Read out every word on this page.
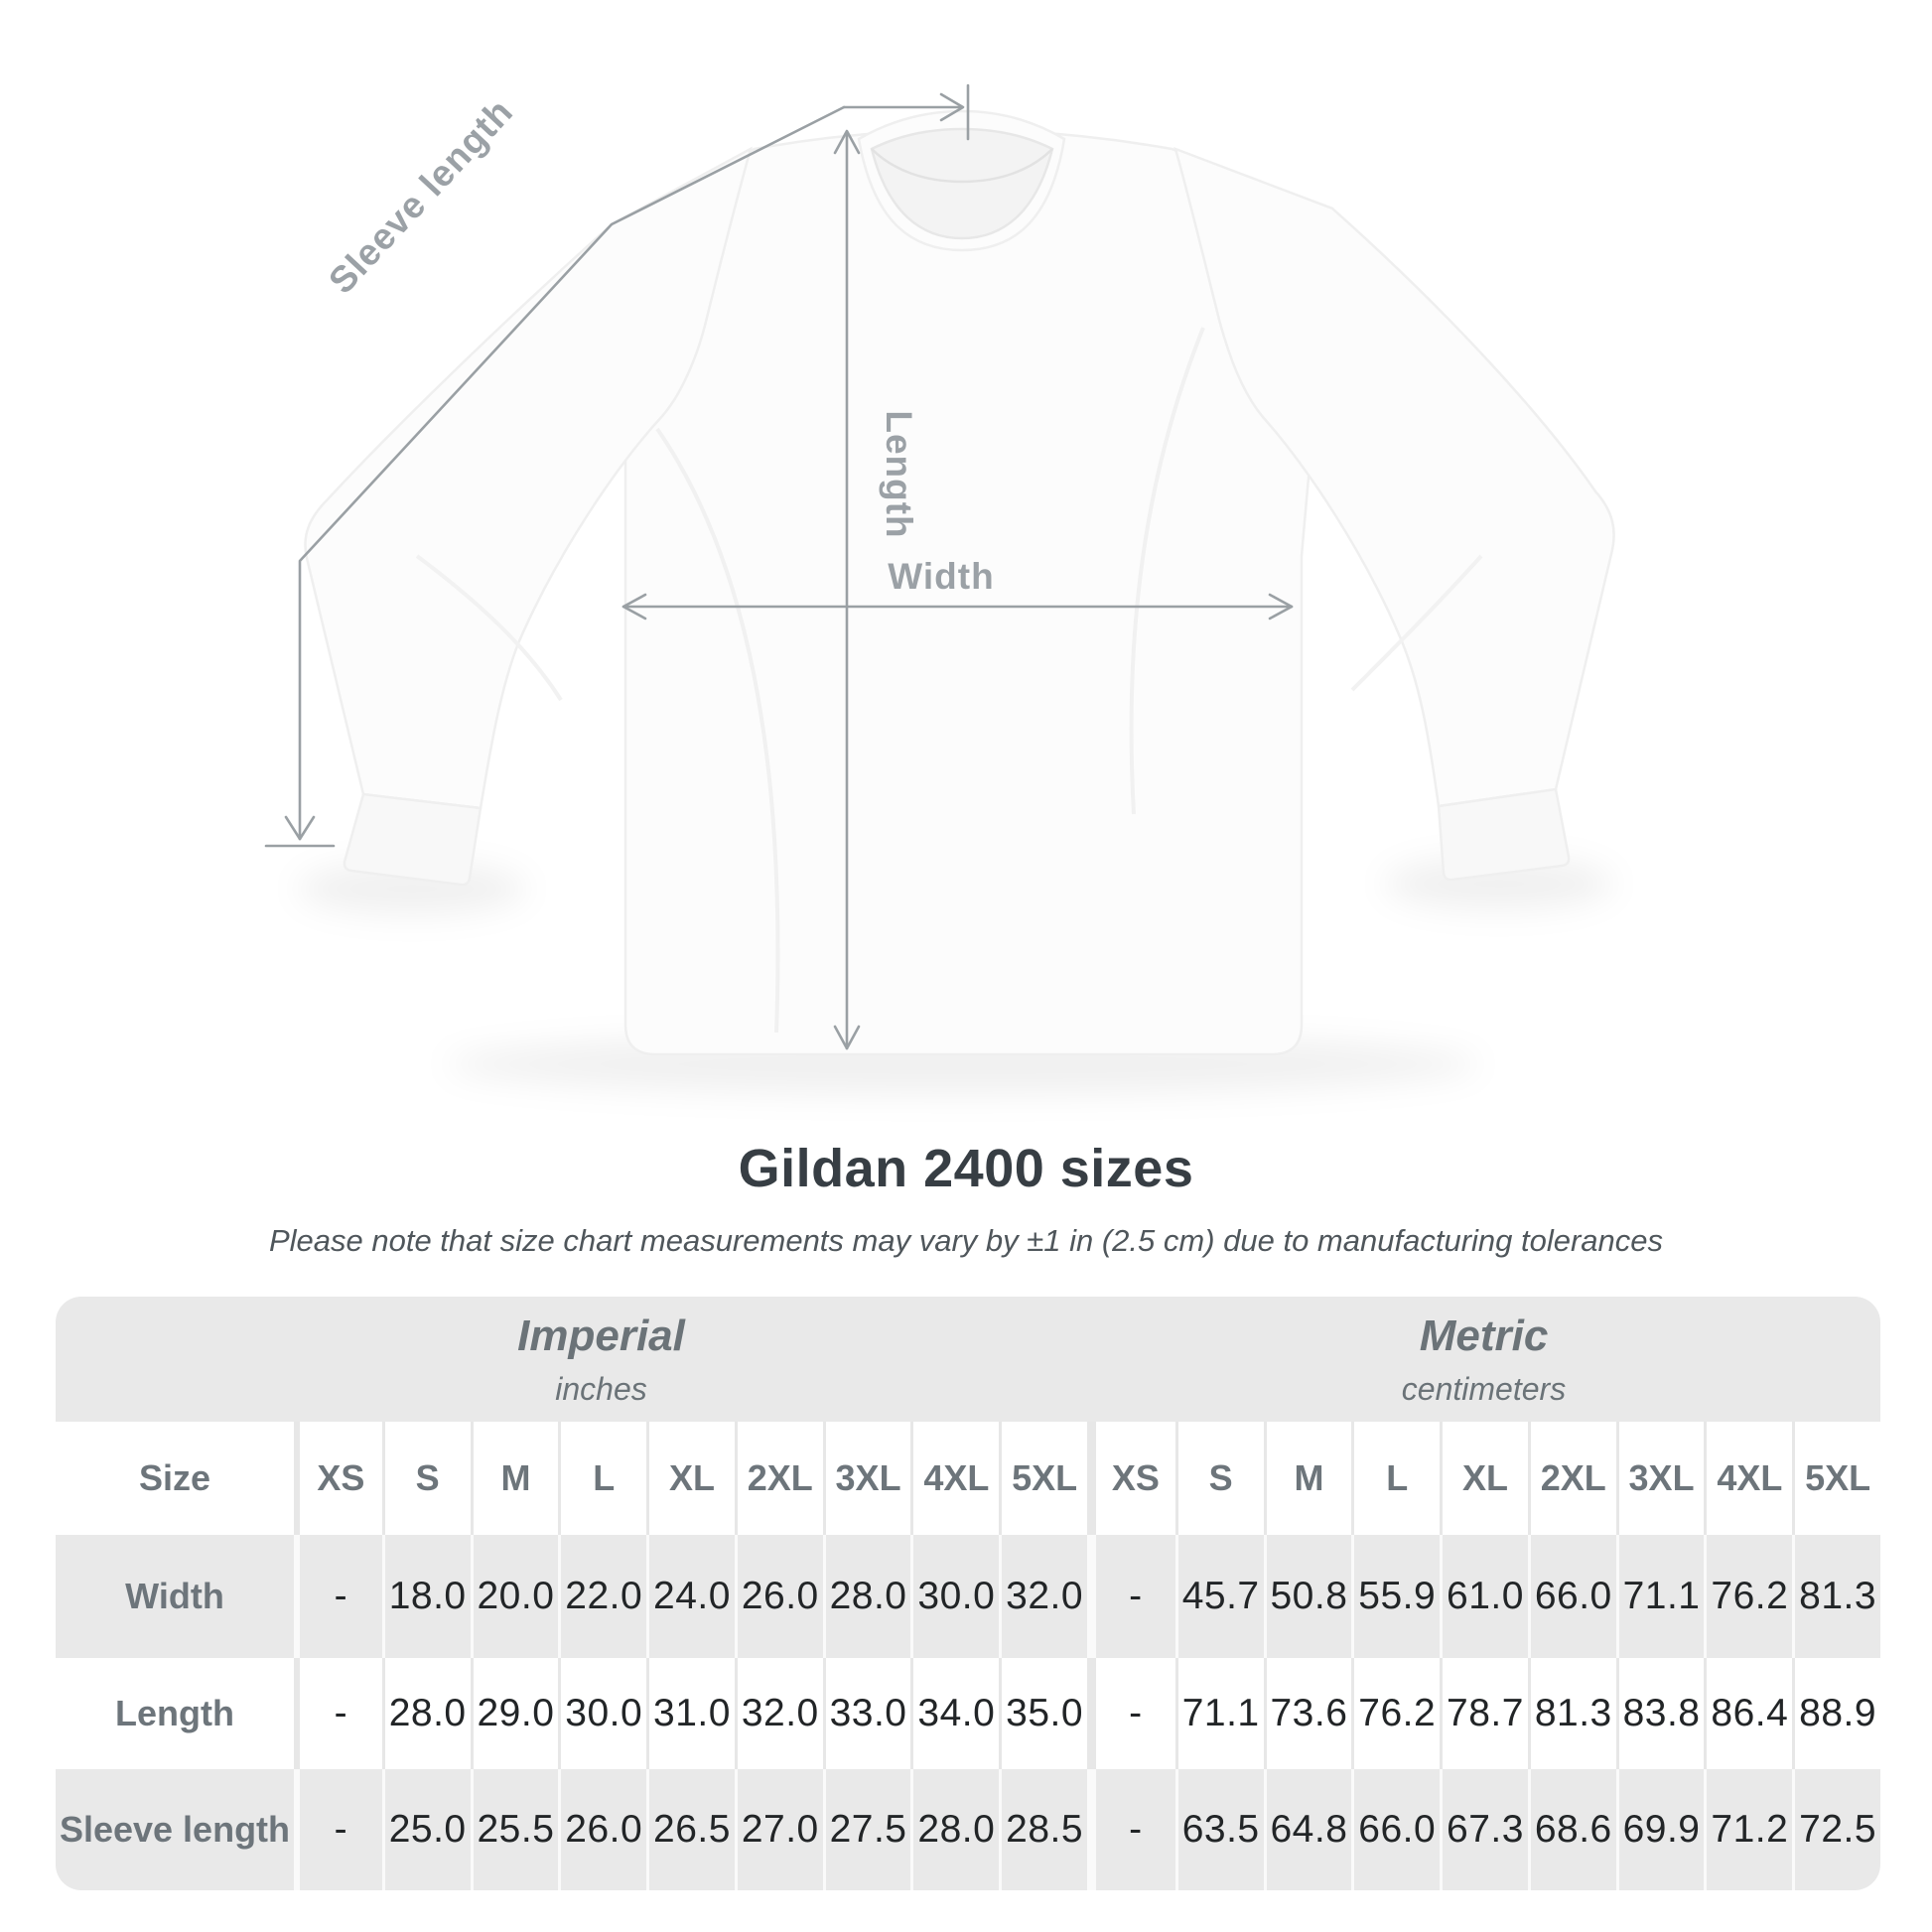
Sleeve length
Length
Width
Gildan 2400 sizes
Please note that size chart measurements may vary by ±1 in (2.5 cm) due to manufacturing tolerances
Imperial
inches
Metric
centimeters
Size	XS	S	M	L	XL 2XL 3XL 4XL 5XL XS	S	M	L	XL 2XL 3XL 4XL 5XL
Width	-	18.0 20.0 22.0 24.0 26.0 28.0 30.0 32.0	-	45.7 50.8 55.9 61.0 66.0 71.1 76.2 81.3
Length	-	28.0 29.0 30.0 31.0 32.0 33.0 34.0 35.0	-	71.1 73.6 76.2 78.7 81.3 83.8 86.4 88.9
Sleeve length	-	25.0 25.5 26.0 26.5 27.0 27.5 28.0 28.5	-	63.5 64.8 66.0 67.3 68.6 69.9 71.2 72.5
